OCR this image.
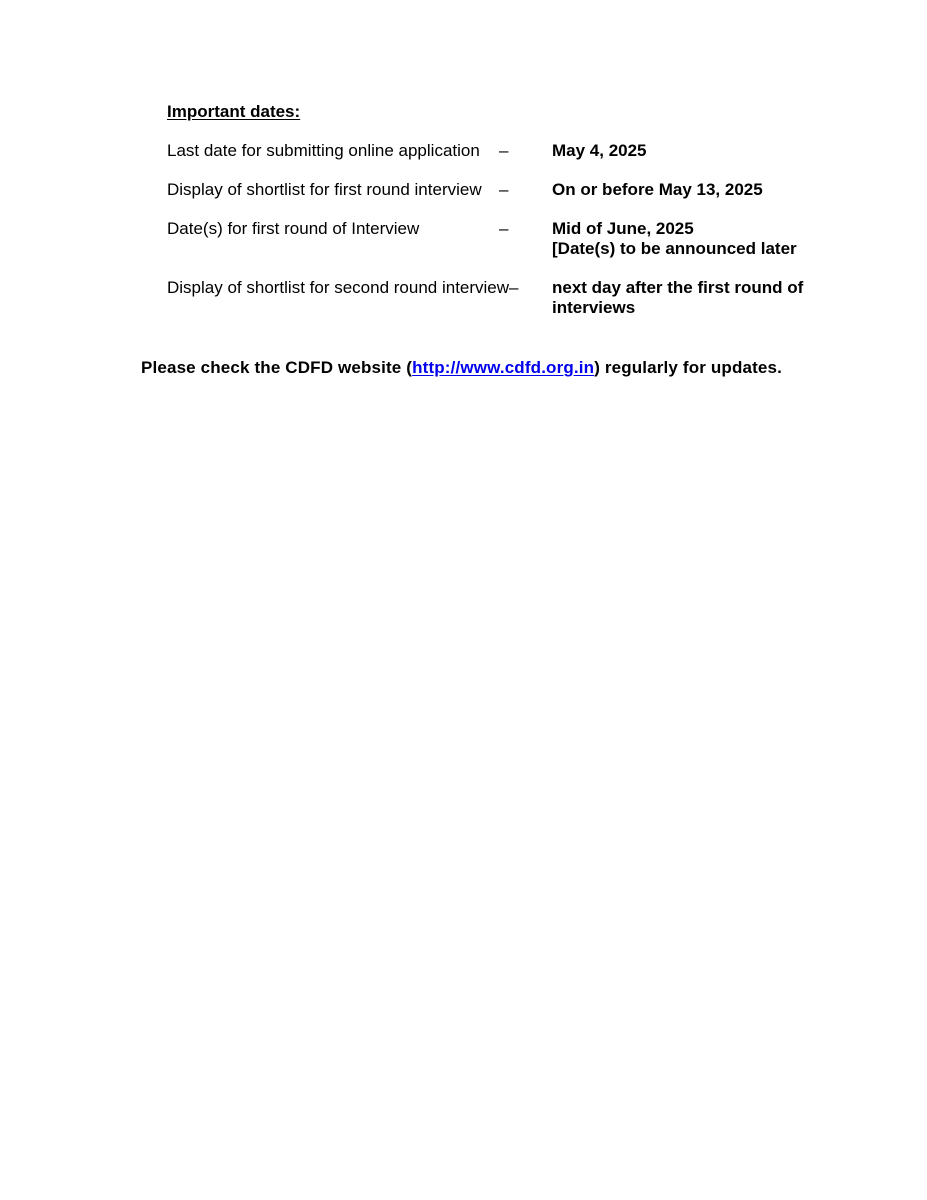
Important dates:
Last date for submitting online application –	May 4, 2025
Display of shortlist for first round interview –	On or before May 13, 2025
Date(s) for first round of Interview	–	Mid of June, 2025
[Date(s) to be announced later
Display of shortlist for second round interview– next day after the first round of
interviews
Please check the CDFD website (http://www.cdfd.org.in) regularly for updates.
